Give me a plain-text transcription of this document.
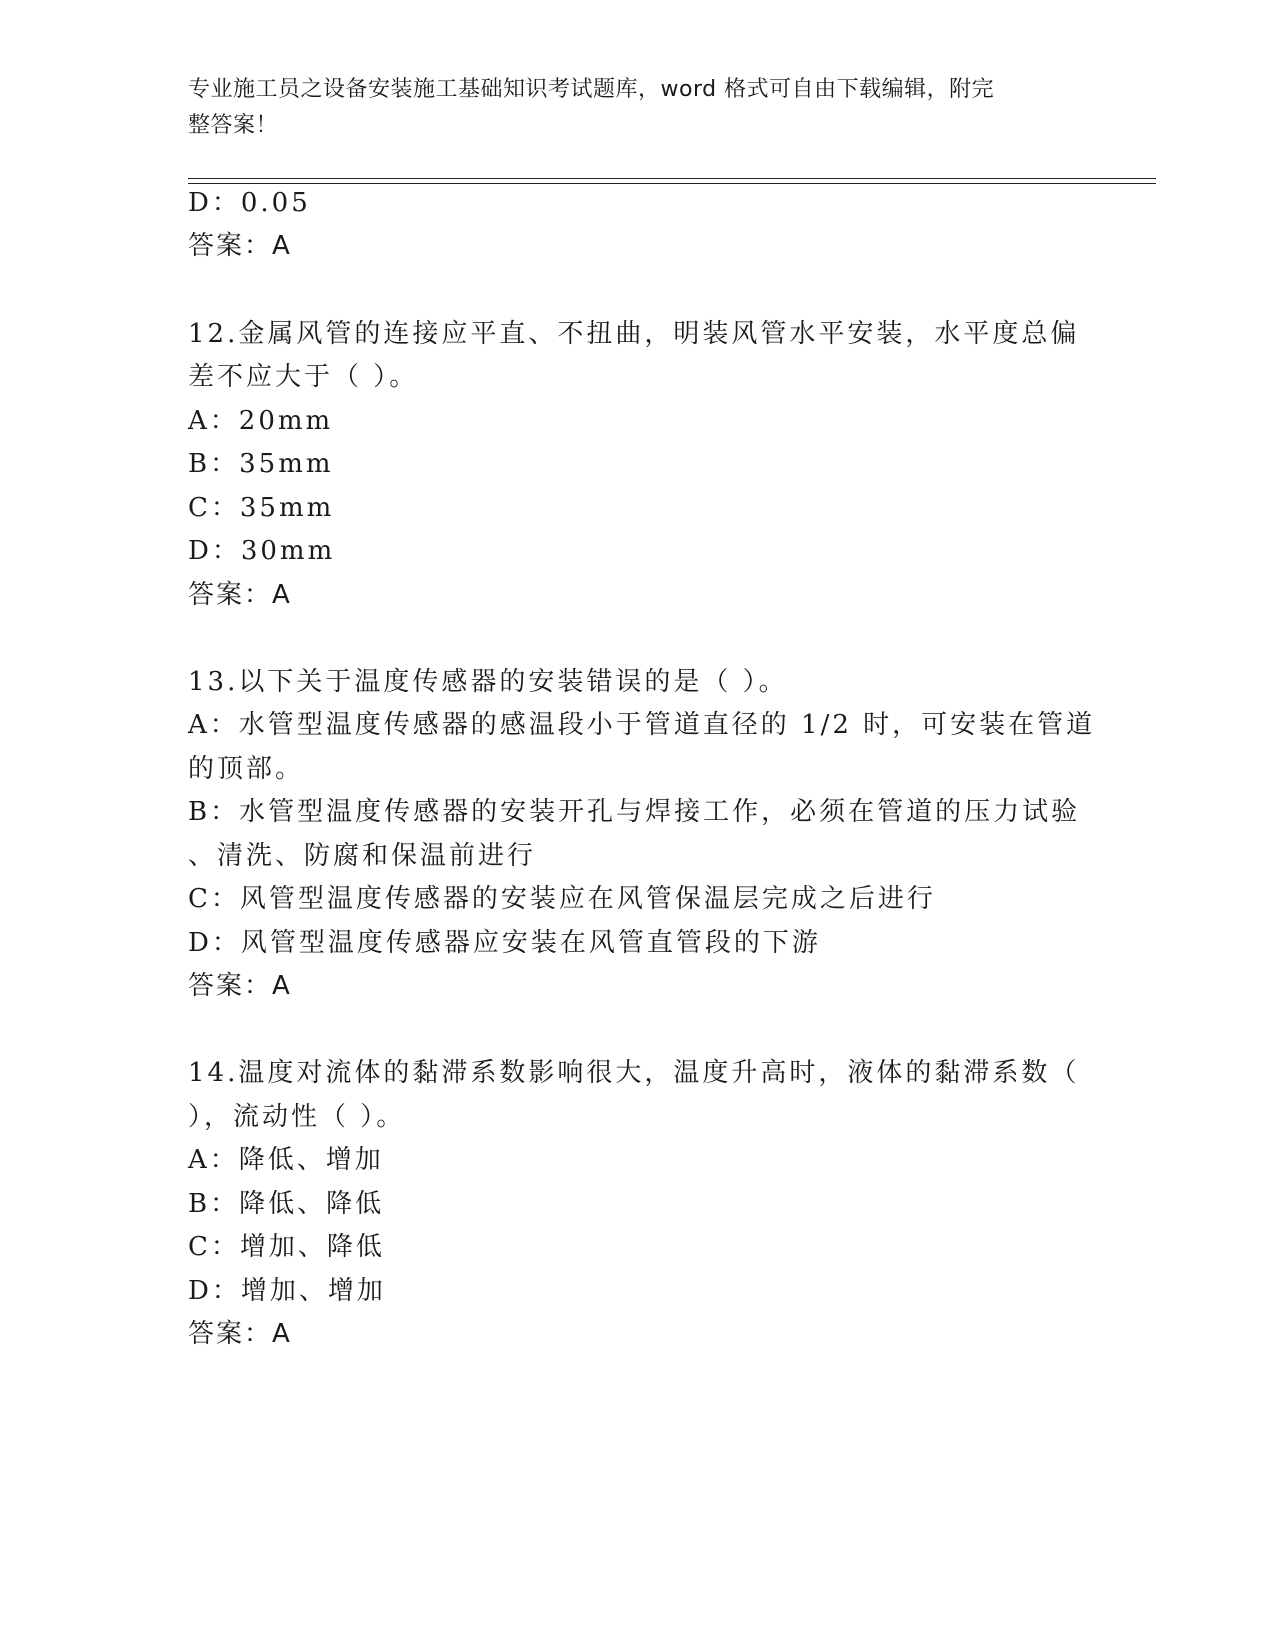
专业施工员之设备安装施工基础知识考试题库，word 格式可自由下载编辑，附完
整答案！
D：0.05
答案：A
12.金属风管的连接应平直、不扭曲，明装风管水平安装，水平度总偏
差不应大于（ ）。
A：20mm
B：35mm
C：35mm
D：30mm
答案：A
13.以下关于温度传感器的安装错误的是（ ）。
A：水管型温度传感器的感温段小于管道直径的 1/2 时，可安装在管道
的顶部。
B：水管型温度传感器的安装开孔与焊接工作，必须在管道的压力试验
、清洗、防腐和保温前进行
C：风管型温度传感器的安装应在风管保温层完成之后进行
D：风管型温度传感器应安装在风管直管段的下游
答案：A
14.温度对流体的黏滞系数影响很大，温度升高时，液体的黏滞系数（
），流动性（ ）。
A：降低、增加
B：降低、降低
C：增加、降低
D：增加、增加
答案：A
